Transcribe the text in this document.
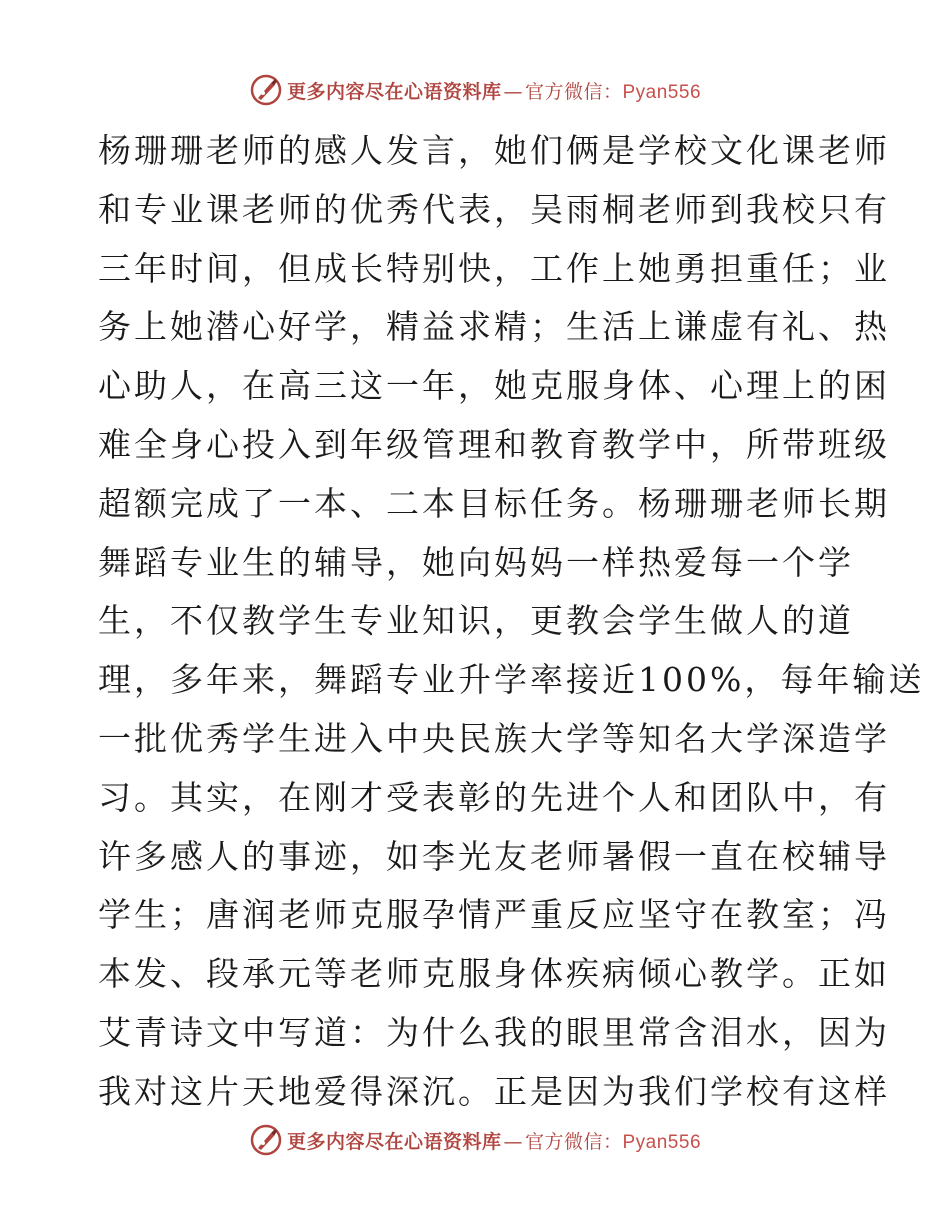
更多内容尽在心语资料库 — 官方微信：Pyan556
杨珊珊老师的感人发言，她们俩是学校文化课老师
和专业课老师的优秀代表，吴雨桐老师到我校只有
三年时间，但成长特别快，工作上她勇担重任；业
务上她潜心好学，精益求精；生活上谦虚有礼、热
心助人，在高三这一年，她克服身体、心理上的困
难全身心投入到年级管理和教育教学中，所带班级
超额完成了一本、二本目标任务。杨珊珊老师长期
舞蹈专业生的辅导，她向妈妈一样热爱每一个学
生，不仅教学生专业知识，更教会学生做人的道
理，多年来，舞蹈专业升学率接近100%，每年输送
一批优秀学生进入中央民族大学等知名大学深造学
习。其实，在刚才受表彰的先进个人和团队中，有
许多感人的事迹，如李光友老师暑假一直在校辅导
学生；唐润老师克服孕情严重反应坚守在教室；冯
本发、段承元等老师克服身体疾病倾心教学。正如
艾青诗文中写道：为什么我的眼里常含泪水，因为
我对这片天地爱得深沉。正是因为我们学校有这样
更多内容尽在心语资料库 — 官方微信：Pyan556
